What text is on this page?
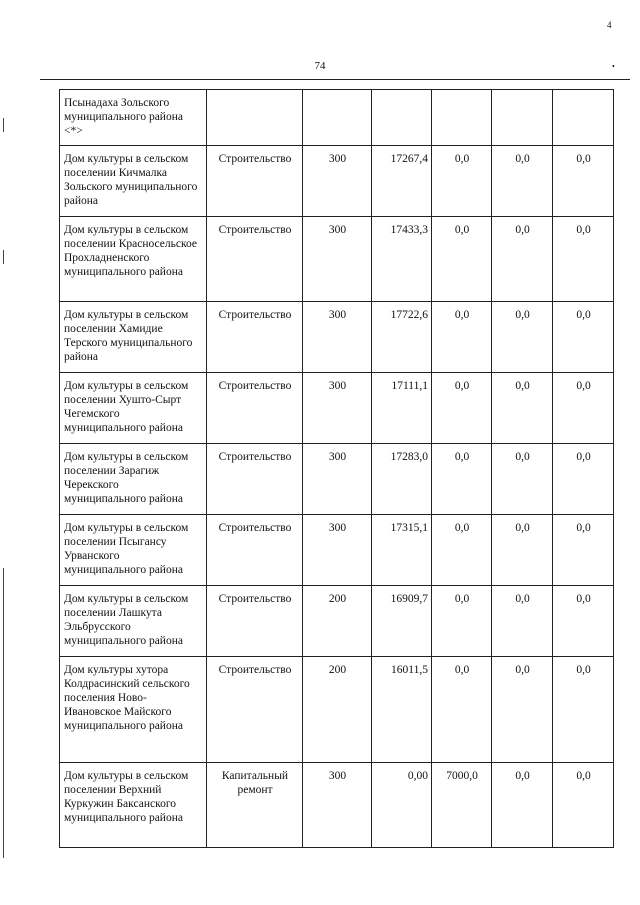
4
•
74
Псынадаха Зольского муниципального района <*>						
Дом культуры в сельском поселении Кичмалка Зольского муниципального района	Строительство	300	17267,4	0,0	0,0	0,0
Дом культуры в сельском поселении Красносельское Прохладненского муниципального района	Строительство	300	17433,3	0,0	0,0	0,0
Дом культуры в сельском поселении Хамидие Терского муниципального района	Строительство	300	17722,6	0,0	0,0	0,0
Дом культуры в сельском поселении Хушто-Сырт Чегемского муниципального района	Строительство	300	17111,1	0,0	0,0	0,0
Дом культуры в сельском поселении Зарагиж Черекского муниципального района	Строительство	300	17283,0	0,0	0,0	0,0
Дом культуры в сельском поселении Псыгансу Урванского муниципального района	Строительство	300	17315,1	0,0	0,0	0,0
Дом культуры в сельском поселении Лашкута Эльбрусского муниципального района	Строительство	200	16909,7	0,0	0,0	0,0
Дом культуры хутора Колдрасинский сельского поселения Ново-Ивановское Майского муниципального района	Строительство	200	16011,5	0,0	0,0	0,0
Дом культуры в сельском поселении Верхний Куркужин Баксанского муниципального района	Капитальный ремонт	300	0,00	7000,0	0,0	0,0
